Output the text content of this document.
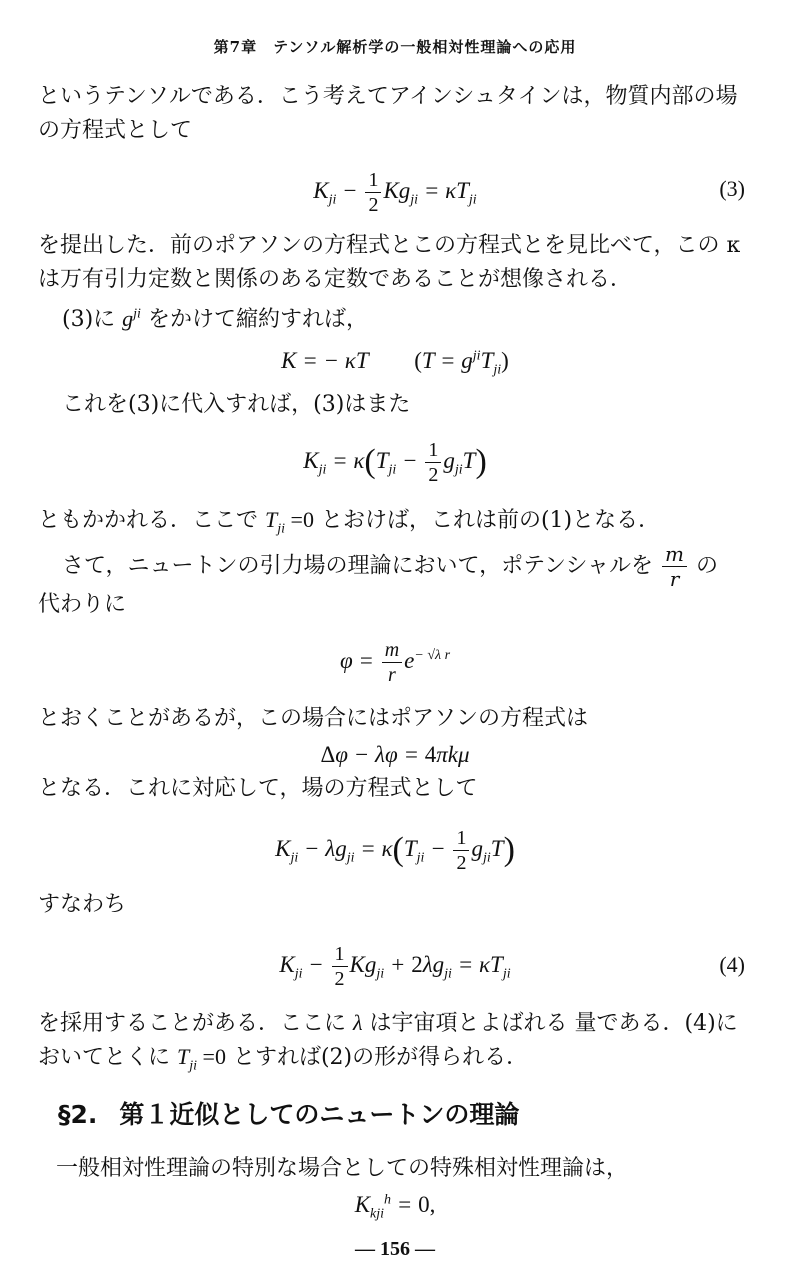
第7章　テンソル解析学の一般相対性理論への応用
というテンソルである．こう考えてアインシュタインは，物質内部の場
の方程式として
$K_{ji} - \frac{1}{2} Kg_{ji} = \kappa T_{ji}$	(3)
を提出した．前のポアソンの方程式とこの方程式とを見比べて，この κ
は万有引力定数と関係のある定数であることが想像される．
(3)に $g^{ji}$ をかけて縮約すれば，
K = − κT　　$(T = g^{ji}T_{ji})$
これを(3)に代入すれば，(3)はまた
$K_{ji} = \kappa(T_{ji} - \frac{1}{2} g_{ji}T)$
ともかかれる．ここで $T_{ji} =0$ とおけば，これは前の(1)となる．
さて，ニュートンの引力場の理論において，ポテンシャルを $\frac{m}{r}$ の
代わりに
$\varphi = \frac{m}{r} e^{- √\lambda r}$
とおくことがあるが，この場合にはポアソンの方程式は
Δφ − λφ = 4πkμ
となる．これに対応して，場の方程式として
$K_{ji} - \lambda g_{ji} = \kappa(T_{ji} - \frac{1}{2} g_{ji}T)$
すなわち
$K_{ji} - \frac{1}{2} Kg_{ji} + 2\lambda g_{ji} = \kappa T_{ji}$	(4)
を採用することがある．ここに λ は宇宙項とよばれる 量である．(4)に
おいてとくに $T_{ji} =0$ とすれば(2)の形が得られる．
§2. 第１近似としてのニュートンの理論
一般相対性理論の特別な場合としての特殊相対性理論は，
$K_{kji}^h = 0$,
— 156 —
